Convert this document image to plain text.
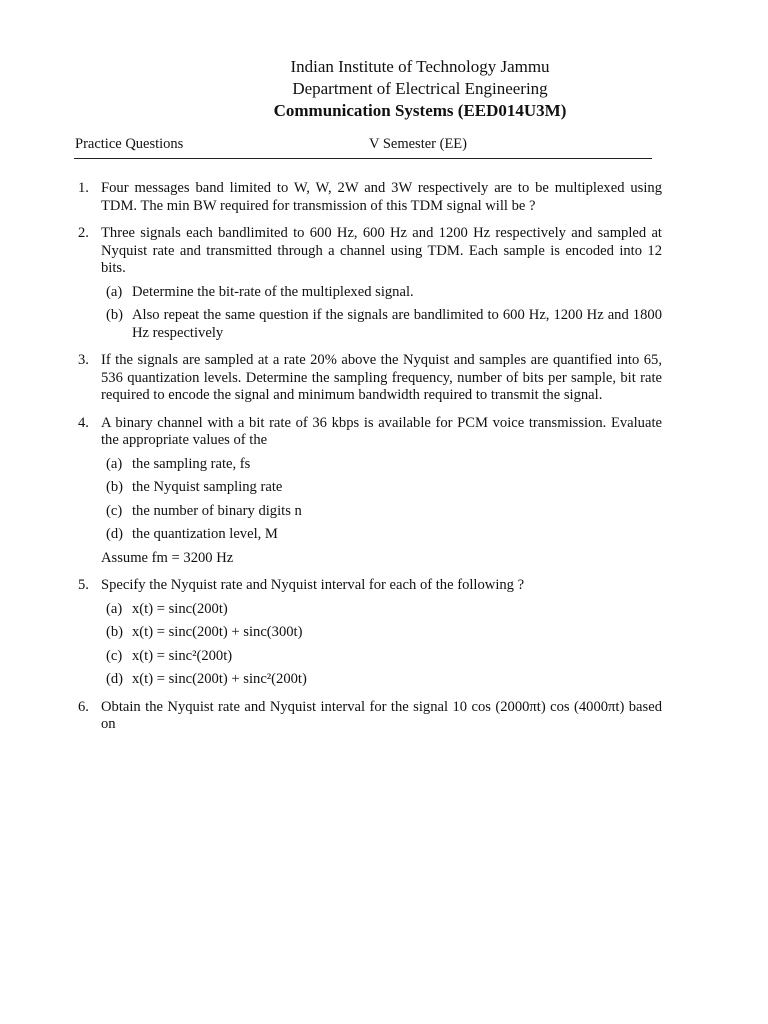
Indian Institute of Technology Jammu
Department of Electrical Engineering
Communication Systems (EED014U3M)
Practice Questions	V Semester (EE)
1. Four messages band limited to W, W, 2W and 3W respectively are to be multiplexed using TDM. The min BW required for transmission of this TDM signal will be ?
2. Three signals each bandlimited to 600 Hz, 600 Hz and 1200 Hz respectively and sampled at Nyquist rate and transmitted through a channel using TDM. Each sample is encoded into 12 bits.
(a) Determine the bit-rate of the multiplexed signal.
(b) Also repeat the same question if the signals are bandlimited to 600 Hz, 1200 Hz and 1800 Hz respectively
3. If the signals are sampled at a rate 20% above the Nyquist and samples are quantified into 65, 536 quantization levels. Determine the sampling frequency, number of bits per sample, bit rate required to encode the signal and minimum bandwidth required to transmit the signal.
4. A binary channel with a bit rate of 36 kbps is available for PCM voice transmission. Evaluate the appropriate values of the
(a) the sampling rate, fs
(b) the Nyquist sampling rate
(c) the number of binary digits n
(d) the quantization level, M
Assume fm = 3200 Hz
5. Specify the Nyquist rate and Nyquist interval for each of the following ?
(a) x(t) = sinc(200t)
(b) x(t) = sinc(200t) + sinc(300t)
(c) x(t) = sinc²(200t)
(d) x(t) = sinc(200t) + sinc²(200t)
6. Obtain the Nyquist rate and Nyquist interval for the signal 10 cos (2000πt) cos (4000πt) based on
